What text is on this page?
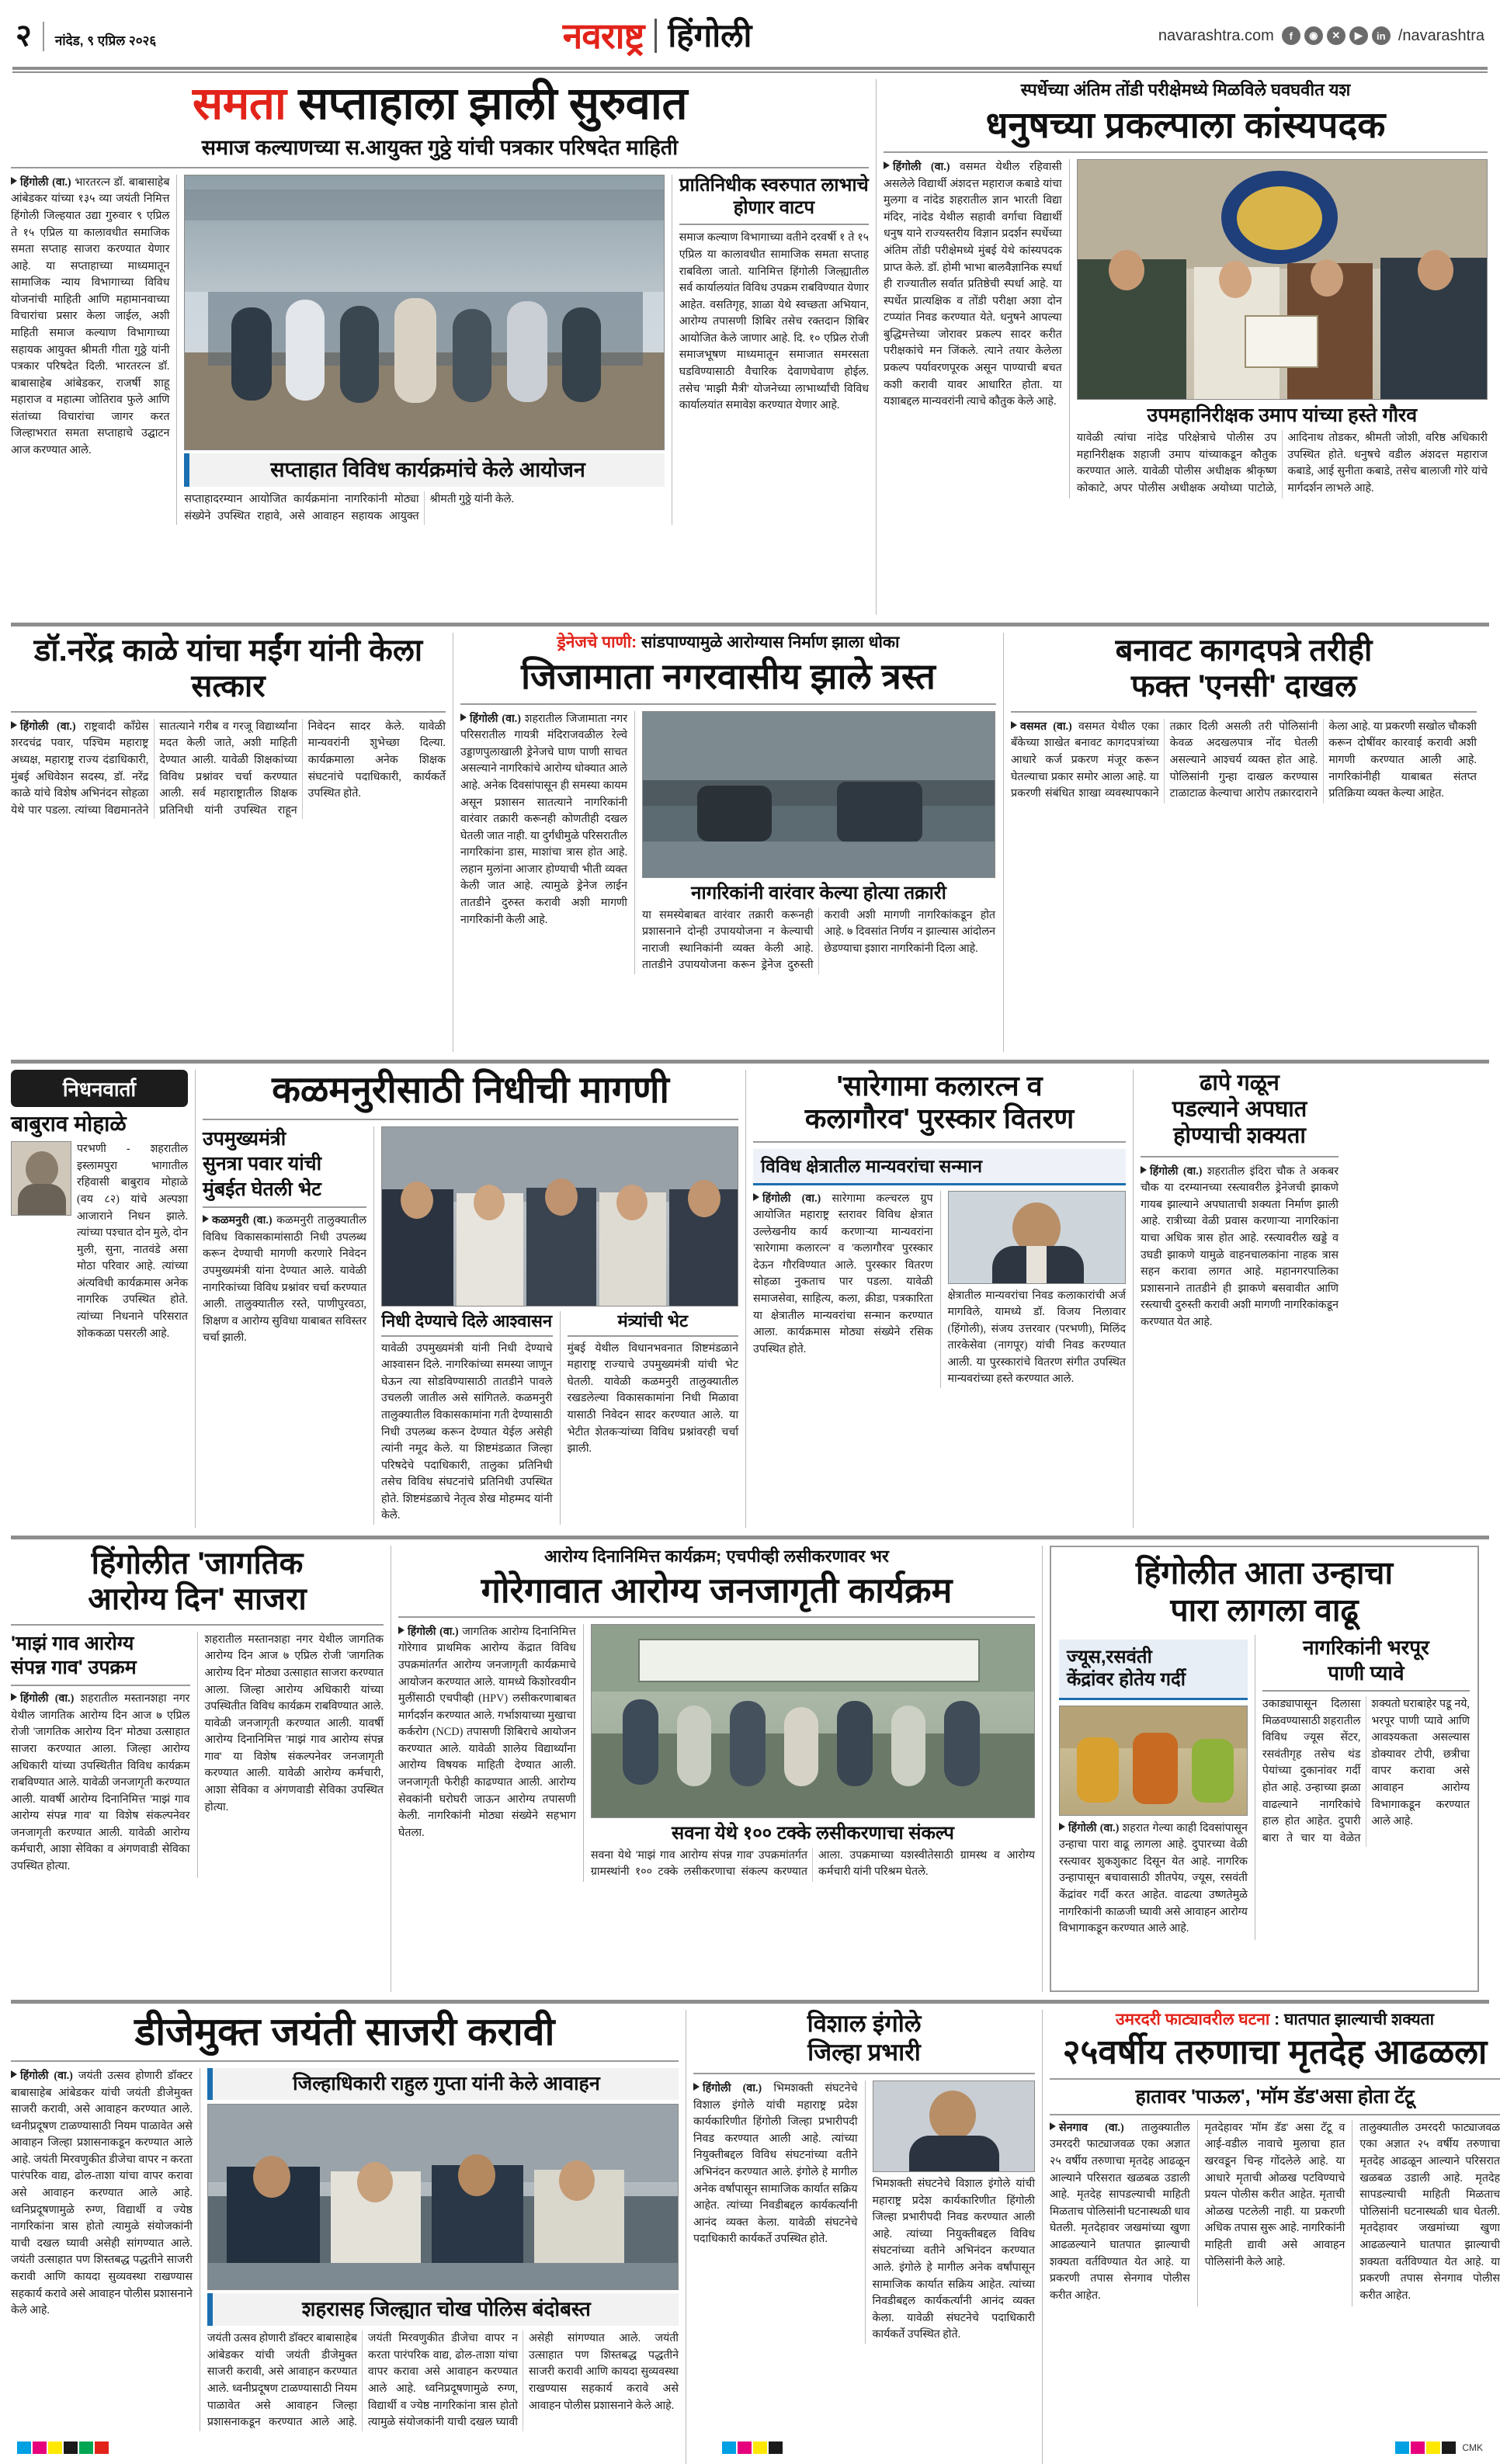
२ नांदेड, ९ एप्रिल २०२६	नवराष्ट्र हिंगोली	navarashtra.com	f	◉	✕	▶	in /navarashtra
समता सप्ताहाला झाली सुरुवात
समाज कल्याणच्या स.आयुक्त गुठ्ठे यांची पत्रकार परिषदेत माहिती

हिंगोली (वा.) भारतरत्न डॉ. बाबासाहेब आंबेडकर यांच्या १३५ व्या जयंती निमित्त हिंगोली जिल्हयात उद्या गुरुवार ९ एप्रिल ते १५ एप्रिल या कालावधीत समाजिक समता सप्ताह साजरा करण्यात येणार आहे. या सप्ताहाच्या माध्यमातून सामाजिक न्याय विभागाच्या विविध योजनांची माहिती आणि महामानवाच्या विचारांचा प्रसार केला जाईल, अशी माहिती समाज कल्याण विभागाच्या सहायक आयुक्त श्रीमती गीता गुठ्ठे यांनी पत्रकार परिषदेत दिली. भारतरत्न डॉ. बाबासाहेब आंबेडकर, राजर्षी शाहू महाराज व महात्मा जोतिराव फुले आणि संतांच्या विचारांचा जागर करत जिल्हाभरात समता सप्ताहाचे उद्घाटन आज करण्यात आले.

सप्ताहात विविध कार्यक्रमांचे केले आयोजन

सप्ताहादरम्यान आयोजित कार्यक्रमांना नागरिकांनी मोठ्या संख्येने उपस्थित राहावे, असे आवाहन सहायक आयुक्त श्रीमती गुठ्ठे यांनी केले.

प्रातिनिधीक स्वरुपात लाभाचे होणार वाटप
समाज कल्याण विभागाच्या वतीने दरवर्षी १ ते १५ एप्रिल या कालावधीत सामाजिक समता सप्ताह राबविला जातो. यानिमित्त हिंगोली जिल्ह्यातील सर्व कार्यालयांत विविध उपक्रम राबविण्यात येणार आहेत. वसतिगृह, शाळा येथे स्वच्छता अभियान, आरोग्य तपासणी शिबिर तसेच रक्तदान शिबिर आयोजित केले जाणार आहे. दि. १० एप्रिल रोजी समाजभूषण माध्यमातून समाजात समरसता घडविण्यासाठी वैचारिक देवाणघेवाण होईल. तसेच 'माझी मैत्री' योजनेच्या लाभार्थ्यांची विविध कार्यालयांत समावेश करण्यात येणार आहे.
स्पर्धेच्या अंतिम तोंडी परीक्षेमध्ये मिळविले घवघवीत यश
धनुषच्या प्रकल्पाला कांस्यपदक

हिंगोली (वा.) वसमत येथील रहिवासी असलेले विद्यार्थी अंशदत्त महाराज कबाडे यांचा मुलगा व नांदेड शहरातील ज्ञान भारती विद्या मंदिर, नांदेड येथील सहावी वर्गाचा विद्यार्थी धनुष याने राज्यस्तरीय विज्ञान प्रदर्शन स्पर्धेच्या अंतिम तोंडी परीक्षेमध्ये मुंबई येथे कांस्यपदक प्राप्त केले. डॉ. होमी भाभा बालवैज्ञानिक स्पर्धा ही राज्यातील सर्वात प्रतिष्ठेची स्पर्धा आहे. या स्पर्धेत प्रात्यक्षिक व तोंडी परीक्षा अशा दोन टप्प्यांत निवड करण्यात येते. धनुषने आपल्या बुद्धिमत्तेच्या जोरावर प्रकल्प सादर करीत परीक्षकांचे मन जिंकले. त्याने तयार केलेला प्रकल्प पर्यावरणपूरक असून पाण्याची बचत कशी करावी यावर आधारित होता. या यशाबद्दल मान्यवरांनी त्याचे कौतुक केले आहे.

उपमहानिरीक्षक उमाप यांच्या हस्ते गौरव

यावेळी त्यांचा नांदेड परिक्षेत्राचे पोलीस उप महानिरीक्षक शहाजी उमाप यांच्याकडून कौतुक करण्यात आले. यावेळी पोलीस अधीक्षक श्रीकृष्ण कोकाटे, अपर पोलीस अधीक्षक अयोध्या पाटोळे, आदिनाथ तोडकर, श्रीमती जोशी, वरिष्ठ अधिकारी उपस्थित होते. धनुषचे वडील अंशदत्त महाराज कबाडे, आई सुनीता कबाडे, तसेच बालाजी गोरे यांचे मार्गदर्शन लाभले आहे.

डॉ.नरेंद्र काळे यांचा मईंग यांनी केला सत्कार

हिंगोली (वा.) राष्ट्रवादी कॉंग्रेस शरदचंद्र पवार, पश्चिम महाराष्ट्र अध्यक्ष, महाराष्ट्र राज्य दंडाधिकारी, मुंबई अधिवेशन सदस्य, डॉ. नरेंद्र काळे यांचे विशेष अभिनंदन सोहळा येथे पार पडला. त्यांच्या विद्यमानतेने सातत्याने गरीब व गरजू विद्यार्थ्यांना मदत केली जाते, अशी माहिती देण्यात आली. यावेळी शिक्षकांच्या विविध प्रश्नांवर चर्चा करण्यात आली. सर्व महाराष्ट्रातील शिक्षक प्रतिनिधी यांनी उपस्थित राहून निवेदन सादर केले. यावेळी मान्यवरांनी शुभेच्छा दिल्या. कार्यक्रमाला अनेक शिक्षक संघटनांचे पदाधिकारी, कार्यकर्ते उपस्थित होते.

ड्रेनेजचे पाणी: सांडपाण्यामुळे आरोग्यास निर्माण झाला धोका
जिजामाता नगरवासीय झाले त्रस्त

हिंगोली (वा.) शहरातील जिजामाता नगर परिसरातील गायत्री मंदिराजवळील रेल्वे उड्डाणपुलाखाली ड्रेनेजचे घाण पाणी साचत असल्याने नागरिकांचे आरोग्य धोक्यात आले आहे. अनेक दिवसांपासून ही समस्या कायम असून प्रशासन सातत्याने नागरिकांनी वारंवार तक्रारी करूनही कोणतीही दखल घेतली जात नाही. या दुर्गंधीमुळे परिसरातील नागरिकांना डास, माशांचा त्रास होत आहे. लहान मुलांना आजार होण्याची भीती व्यक्त केली जात आहे. त्यामुळे ड्रेनेज लाईन तातडीने दुरुस्त करावी अशी मागणी नागरिकांनी केली आहे.

नागरिकांनी वारंवार केल्या होत्या तक्रारी

या समस्येबाबत वारंवार तक्रारी करूनही प्रशासनाने दोन्ही उपाययोजना न केल्याची नाराजी स्थानिकांनी व्यक्त केली आहे. तातडीने उपाययोजना करून ड्रेनेज दुरुस्ती करावी अशी मागणी नागरिकांकडून होत आहे. ७ दिवसांत निर्णय न झाल्यास आंदोलन छेडण्याचा इशारा नागरिकांनी दिला आहे.

बनावट कागदपत्रे तरीही
फक्त 'एनसी' दाखल

वसमत (वा.) वसमत येथील एका बँकेच्या शाखेत बनावट कागदपत्रांच्या आधारे कर्ज प्रकरण मंजूर करून घेतल्याचा प्रकार समोर आला आहे. या प्रकरणी संबंधित शाखा व्यवस्थापकाने तक्रार दिली असली तरी पोलिसांनी केवळ अदखलपात्र नोंद घेतली असल्याने आश्चर्य व्यक्त होत आहे. पोलिसांनी गुन्हा दाखल करण्यास टाळाटाळ केल्याचा आरोप तक्रारदाराने केला आहे. या प्रकरणी सखोल चौकशी करून दोषींवर कारवाई करावी अशी मागणी करण्यात आली आहे. नागरिकांनीही याबाबत संतप्त प्रतिक्रिया व्यक्त केल्या आहेत.

निधनवार्ता
बाबुराव मोहाळे
परभणी - शहरातील इस्लामपुरा भागातील रहिवासी बाबुराव मोहाळे (वय ८२) यांचे अल्पशा आजाराने निधन झाले. त्यांच्या पश्चात दोन मुले, दोन मुली, सुना, नातवंडे असा मोठा परिवार आहे. त्यांच्या अंत्यविधी कार्यक्रमास अनेक नागरिक उपस्थित होते. त्यांच्या निधनाने परिसरात शोककळा पसरली आहे.
कळमनुरीसाठी निधीची मागणी
उपमुख्यमंत्री
सुनत्रा पवार यांची
मुंबईत घेतली भेट

कळमनुरी (वा.) कळमनुरी तालुक्यातील विविध विकासकामांसाठी निधी उपलब्ध करून देण्याची मागणी करणारे निवेदन उपमुख्यमंत्री यांना देण्यात आले. यावेळी नागरिकांच्या विविध प्रश्नांवर चर्चा करण्यात आली. तालुक्यातील रस्ते, पाणीपुरवठा, शिक्षण व आरोग्य सुविधा याबाबत सविस्तर चर्चा झाली.

निधी देण्याचे दिले आश्वासन
यावेळी उपमुख्यमंत्री यांनी निधी देण्याचे आश्वासन दिले. नागरिकांच्या समस्या जाणून घेऊन त्या सोडविण्यासाठी तातडीने पावले उचलली जातील असे सांगितले. कळमनुरी तालुक्यातील विकासकामांना गती देण्यासाठी निधी उपलब्ध करून देण्यात येईल असेही त्यांनी नमूद केले. या शिष्टमंडळात जिल्हा परिषदेचे पदाधिकारी, तालुका प्रतिनिधी तसेच विविध संघटनांचे प्रतिनिधी उपस्थित होते. शिष्टमंडळाचे नेतृत्व शेख मोहम्मद यांनी केले.
मंत्र्यांची भेट
मुंबई येथील विधानभवनात शिष्टमंडळाने महाराष्ट्र राज्याचे उपमुख्यमंत्री यांची भेट घेतली. यावेळी कळमनुरी तालुक्यातील रखडलेल्या विकासकामांना निधी मिळावा यासाठी निवेदन सादर करण्यात आले. या भेटीत शेतकऱ्यांच्या विविध प्रश्नांवरही चर्चा झाली.
'सारेगामा कलारत्न व
कलागौरव' पुरस्कार वितरण
विविध क्षेत्रातील मान्यवरांचा सन्मान

हिंगोली (वा.) सारेगामा कल्चरल ग्रुप आयोजित महाराष्ट्र स्तरावर विविध क्षेत्रात उल्लेखनीय कार्य करणाऱ्या मान्यवरांना 'सारेगामा कलारत्न' व 'कलागौरव' पुरस्कार देऊन गौरविण्यात आले. पुरस्कार वितरण सोहळा नुकताच पार पडला. यावेळी समाजसेवा, साहित्य, कला, क्रीडा, पत्रकारिता या क्षेत्रातील मान्यवरांचा सन्मान करण्यात आला. कार्यक्रमास मोठ्या संख्येने रसिक उपस्थित होते.

क्षेत्रातील मान्यवरांचा निवड कलाकारांची अर्ज मागविले, यामध्ये डॉ. विजय निलावार (हिंगोली), संजय उत्तरवार (परभणी), मिलिंद तारकेसेवा (नागपूर) यांची निवड करण्यात आली. या पुरस्कारांचे वितरण संगीत उपस्थित मान्यवरांच्या हस्ते करण्यात आले.
ढापे गळून
पडल्याने अपघात
होण्याची शक्यता

हिंगोली (वा.) शहरातील इंदिरा चौक ते अकबर चौक या दरम्यानच्या रस्त्यावरील ड्रेनेजची झाकणे गायब झाल्याने अपघाताची शक्यता निर्माण झाली आहे. रात्रीच्या वेळी प्रवास करणाऱ्या नागरिकांना याचा अधिक त्रास होत आहे. रस्त्यावरील खड्डे व उघडी झाकणे यामुळे वाहनचालकांना नाहक त्रास सहन करावा लागत आहे. महानगरपालिका प्रशासनाने तातडीने ही झाकणे बसवावीत आणि रस्त्याची दुरुस्ती करावी अशी मागणी नागरिकांकडून करण्यात येत आहे.

हिंगोलीत 'जागतिक
आरोग्य दिन' साजरा
'माझं गाव आरोग्य
संपन्न गाव' उपक्रम

हिंगोली (वा.) शहरातील मस्तानशहा नगर येथील जागतिक आरोग्य दिन आज ७ एप्रिल रोजी 'जागतिक आरोग्य दिन' मोठ्या उत्साहात साजरा करण्यात आला. जिल्हा आरोग्य अधिकारी यांच्या उपस्थितीत विविध कार्यक्रम राबविण्यात आले. यावेळी जनजागृती करण्यात आली. यावर्षी आरोग्य दिनानिमित्त 'माझं गाव आरोग्य संपन्न गाव' या विशेष संकल्पनेवर जनजागृती करण्यात आली. यावेळी आरोग्य कर्मचारी, आशा सेविका व अंगणवाडी सेविका उपस्थित होत्या.

शहरातील मस्तानशहा नगर येथील जागतिक आरोग्य दिन आज ७ एप्रिल रोजी 'जागतिक आरोग्य दिन' मोठ्या उत्साहात साजरा करण्यात आला. जिल्हा आरोग्य अधिकारी यांच्या उपस्थितीत विविध कार्यक्रम राबविण्यात आले. यावेळी जनजागृती करण्यात आली. यावर्षी आरोग्य दिनानिमित्त 'माझं गाव आरोग्य संपन्न गाव' या विशेष संकल्पनेवर जनजागृती करण्यात आली. यावेळी आरोग्य कर्मचारी, आशा सेविका व अंगणवाडी सेविका उपस्थित होत्या.

आरोग्य दिनानिमित्त कार्यक्रम; एचपीव्ही लसीकरणावर भर
गोरेगावात आरोग्य जनजागृती कार्यक्रम

हिंगोली (वा.) जागतिक आरोग्य दिनानिमित्त गोरेगाव प्राथमिक आरोग्य केंद्रात विविध उपक्रमांतर्गत आरोग्य जनजागृती कार्यक्रमाचे आयोजन करण्यात आले. यामध्ये किशोरवयीन मुलींसाठी एचपीव्ही (HPV) लसीकरणाबाबत मार्गदर्शन करण्यात आले. गर्भाशयाच्या मुखाचा कर्करोग (NCD) तपासणी शिबिराचे आयोजन करण्यात आले. यावेळी शालेय विद्यार्थ्यांना आरोग्य विषयक माहिती देण्यात आली. जनजागृती फेरीही काढण्यात आली. आरोग्य सेवकांनी घरोघरी जाऊन आरोग्य तपासणी केली. नागरिकांनी मोठ्या संख्येने सहभाग घेतला.	सवना येथे १०० टक्के लसीकरणाचा संकल्प

सवना येथे 'माझं गाव आरोग्य संपन्न गाव' उपक्रमांतर्गत ग्रामस्थांनी १०० टक्के लसीकरणाचा संकल्प करण्यात आला. उपक्रमाच्या यशस्वीतेसाठी ग्रामस्थ व आरोग्य कर्मचारी यांनी परिश्रम घेतले.

हिंगोलीत आता उन्हाचा
पारा लागला वाढू
ज्यूस,रसवंती
केंद्रांवर होतेय गर्दी

हिंगोली (वा.) शहरात गेल्या काही दिवसांपासून उन्हाचा पारा वाढू लागला आहे. दुपारच्या वेळी रस्त्यावर शुकशुकाट दिसून येत आहे. नागरिक उन्हापासून बचावासाठी शीतपेय, ज्यूस, रसवंती केंद्रांवर गर्दी करत आहेत. वाढत्या उष्णतेमुळे नागरिकांनी काळजी घ्यावी असे आवाहन आरोग्य विभागाकडून करण्यात आले आहे.

नागरिकांनी भरपूर
पाणी प्यावे

उकाड्यापासून दिलासा मिळवण्यासाठी शहरातील विविध ज्यूस सेंटर, रसवंतीगृह तसेच थंड पेयांच्या दुकानांवर गर्दी होत आहे. उन्हाच्या झळा वाढल्याने नागरिकांचे हाल होत आहेत. दुपारी बारा ते चार या वेळेत शक्यतो घराबाहेर पडू नये, भरपूर पाणी प्यावे आणि आवश्यकता असल्यास डोक्यावर टोपी, छत्रीचा वापर करावा असे आवाहन आरोग्य विभागाकडून करण्यात आले आहे.

डीजेमुक्त जयंती साजरी करावी

हिंगोली (वा.) जयंती उत्सव होणारी डॉक्टर बाबासाहेब आंबेडकर यांची जयंती डीजेमुक्त साजरी करावी, असे आवाहन करण्यात आले. ध्वनीप्रदूषण टाळण्यासाठी नियम पाळावेत असे आवाहन जिल्हा प्रशासनाकडून करण्यात आले आहे. जयंती मिरवणुकीत डीजेचा वापर न करता पारंपरिक वाद्य, ढोल-ताशा यांचा वापर करावा असे आवाहन करण्यात आले आहे. ध्वनिप्रदूषणामुळे रुग्ण, विद्यार्थी व ज्येष्ठ नागरिकांना त्रास होतो त्यामुळे संयोजकांनी याची दखल घ्यावी असेही सांगण्यात आले. जयंती उत्साहात पण शिस्तबद्ध पद्धतीने साजरी करावी आणि कायदा सुव्यवस्था राखण्यास सहकार्य करावे असे आवाहन पोलीस प्रशासनाने केले आहे.

जिल्हाधिकारी राहुल गुप्ता यांनी केले आवाहन
शहरासह जिल्ह्यात चोख पोलिस बंदोबस्त

जयंती उत्सव होणारी डॉक्टर बाबासाहेब आंबेडकर यांची जयंती डीजेमुक्त साजरी करावी, असे आवाहन करण्यात आले. ध्वनीप्रदूषण टाळण्यासाठी नियम पाळावेत असे आवाहन जिल्हा प्रशासनाकडून करण्यात आले आहे. जयंती मिरवणुकीत डीजेचा वापर न करता पारंपरिक वाद्य, ढोल-ताशा यांचा वापर करावा असे आवाहन करण्यात आले आहे. ध्वनिप्रदूषणामुळे रुग्ण, विद्यार्थी व ज्येष्ठ नागरिकांना त्रास होतो त्यामुळे संयोजकांनी याची दखल घ्यावी असेही सांगण्यात आले. जयंती उत्साहात पण शिस्तबद्ध पद्धतीने साजरी करावी आणि कायदा सुव्यवस्था राखण्यास सहकार्य करावे असे आवाहन पोलीस प्रशासनाने केले आहे.

विशाल इंगोले
जिल्हा प्रभारी

हिंगोली (वा.) भिमशक्ती संघटनेचे विशाल इंगोले यांची महाराष्ट्र प्रदेश कार्यकारिणीत हिंगोली जिल्हा प्रभारीपदी निवड करण्यात आली आहे. त्यांच्या नियुक्तीबद्दल विविध संघटनांच्या वतीने अभिनंदन करण्यात आले. इंगोले हे मागील अनेक वर्षांपासून सामाजिक कार्यात सक्रिय आहेत. त्यांच्या निवडीबद्दल कार्यकर्त्यांनी आनंद व्यक्त केला. यावेळी संघटनेचे पदाधिकारी कार्यकर्ते उपस्थित होते.

भिमशक्ती संघटनेचे विशाल इंगोले यांची महाराष्ट्र प्रदेश कार्यकारिणीत हिंगोली जिल्हा प्रभारीपदी निवड करण्यात आली आहे. त्यांच्या नियुक्तीबद्दल विविध संघटनांच्या वतीने अभिनंदन करण्यात आले. इंगोले हे मागील अनेक वर्षांपासून सामाजिक कार्यात सक्रिय आहेत. त्यांच्या निवडीबद्दल कार्यकर्त्यांनी आनंद व्यक्त केला. यावेळी संघटनेचे पदाधिकारी कार्यकर्ते उपस्थित होते.
उमरदरी फाट्यावरील घटना : घातपात झाल्याची शक्यता
२५वर्षीय तरुणाचा मृतदेह आढळला
हातावर 'पाऊल', 'मॉम डॅड'असा होता टॅटू

सेनगाव (वा.) तालुक्यातील उमरदरी फाट्याजवळ एका अज्ञात २५ वर्षीय तरुणाचा मृतदेह आढळून आल्याने परिसरात खळबळ उडाली आहे. मृतदेह सापडल्याची माहिती मिळताच पोलिसांनी घटनास्थळी धाव घेतली. मृतदेहावर जखमांच्या खुणा आढळल्याने घातपात झाल्याची शक्यता वर्तविण्यात येत आहे. या प्रकरणी तपास सेनगाव पोलीस करीत आहेत.

मृतदेहावर 'मॉम डॅड' असा टॅटू व आई-वडील नावाचे मुलाचा हात खरवडून चिन्ह गोंदलेले आहे. या आधारे मृताची ओळख पटविण्याचे प्रयत्न पोलीस करीत आहेत. मृताची ओळख पटलेली नाही. या प्रकरणी अधिक तपास सुरू आहे. नागरिकांनी माहिती द्यावी असे आवाहन पोलिसांनी केले आहे.

तालुक्यातील उमरदरी फाट्याजवळ एका अज्ञात २५ वर्षीय तरुणाचा मृतदेह आढळून आल्याने परिसरात खळबळ उडाली आहे. मृतदेह सापडल्याची माहिती मिळताच पोलिसांनी घटनास्थळी धाव घेतली. मृतदेहावर जखमांच्या खुणा आढळल्याने घातपात झाल्याची शक्यता वर्तविण्यात येत आहे. या प्रकरणी तपास सेनगाव पोलीस करीत आहेत.

CMK
